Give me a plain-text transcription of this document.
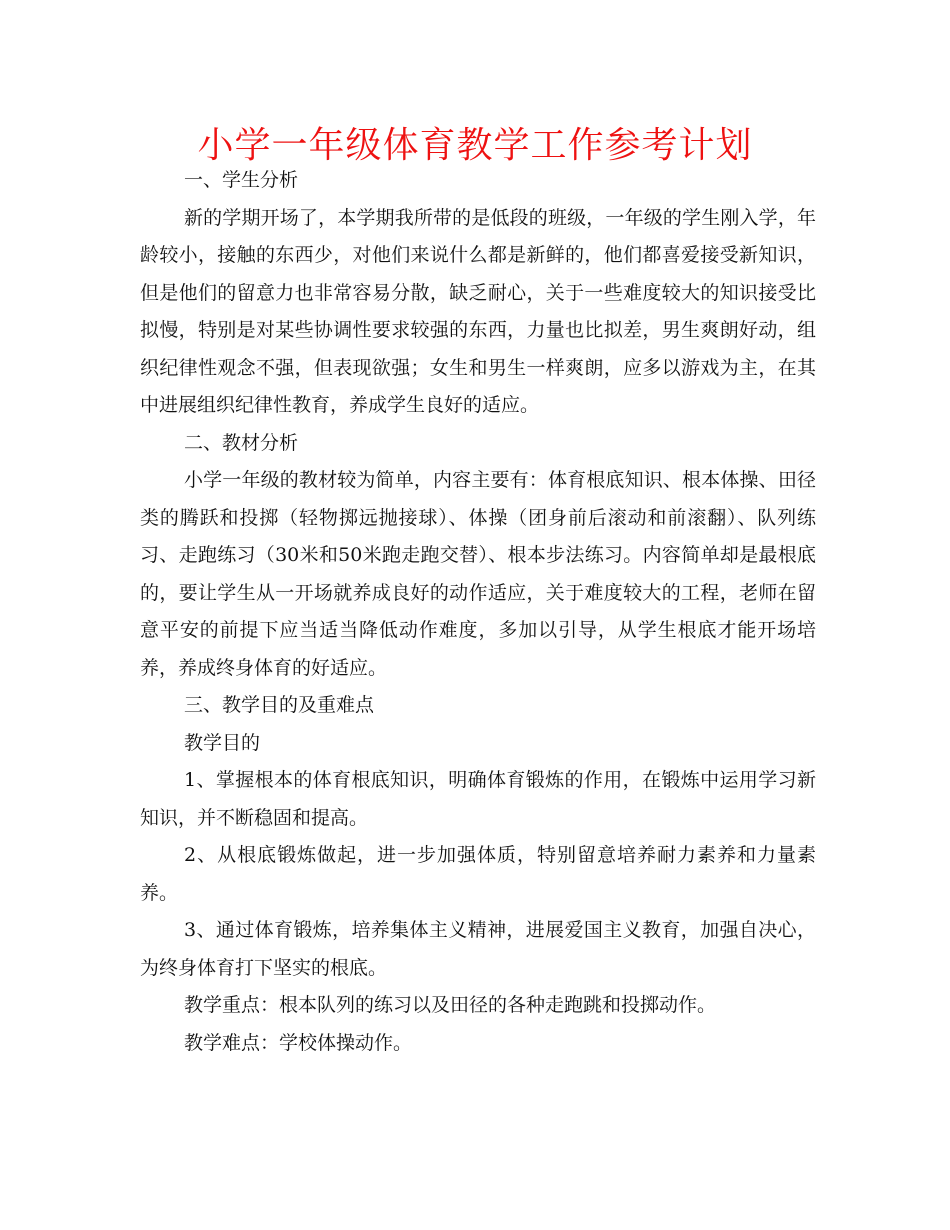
小学一年级体育教学工作参考计划

一、学生分析

新的学期开场了，本学期我所带的是低段的班级，一年级的学生刚入学，年龄较小，接触的东西少，对他们来说什么都是新鲜的，他们都喜爱接受新知识，但是他们的留意力也非常容易分散，缺乏耐心，关于一些难度较大的知识接受比拟慢，特别是对某些协调性要求较强的东西，力量也比拟差，男生爽朗好动，组织纪律性观念不强，但表现欲强；女生和男生一样爽朗，应多以游戏为主，在其中进展组织纪律性教育，养成学生良好的适应。

二、教材分析

小学一年级的教材较为简单，内容主要有：体育根底知识、根本体操、田径类的腾跃和投掷（轻物掷远抛接球）、体操（团身前后滚动和前滚翻）、队列练习、走跑练习（30米和50米跑走跑交替）、根本步法练习。内容简单却是最根底的，要让学生从一开场就养成良好的动作适应，关于难度较大的工程，老师在留意平安的前提下应当适当降低动作难度，多加以引导，从学生根底才能开场培养，养成终身体育的好适应。

三、教学目的及重难点

教学目的

1、掌握根本的体育根底知识，明确体育锻炼的作用，在锻炼中运用学习新知识，并不断稳固和提高。

2、从根底锻炼做起，进一步加强体质，特别留意培养耐力素养和力量素养。

3、通过体育锻炼，培养集体主义精神，进展爱国主义教育，加强自决心，为终身体育打下坚实的根底。

教学重点：根本队列的练习以及田径的各种走跑跳和投掷动作。

教学难点：学校体操动作。
